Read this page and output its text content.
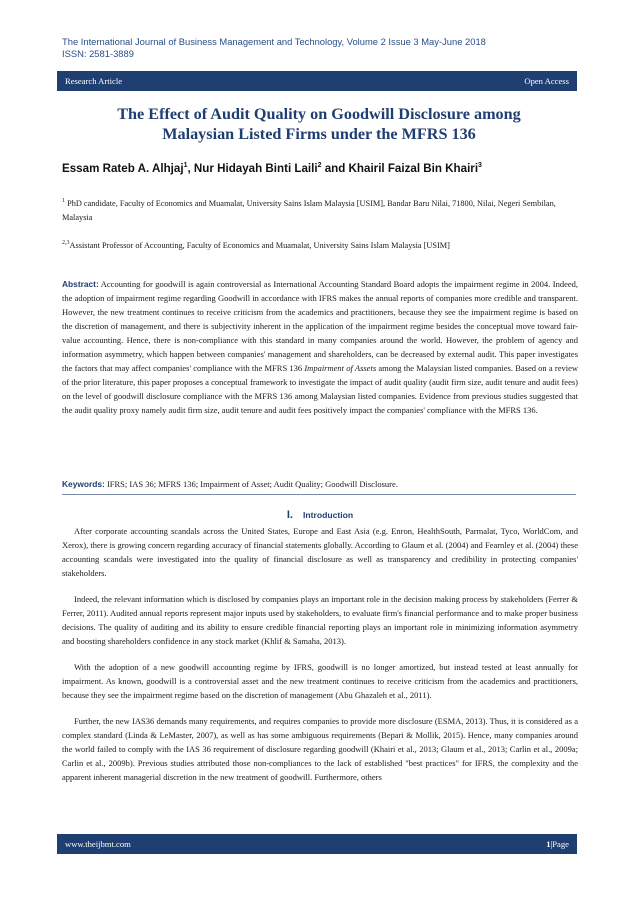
The International Journal of Business Management and Technology, Volume 2 Issue 3 May-June 2018
ISSN: 2581-3889
Research Article	Open Access
The Effect of Audit Quality on Goodwill Disclosure among
Malaysian Listed Firms under the MFRS 136
Essam Rateb A. Alhjaj$^1$, Nur Hidayah Binti Laili$^2$ and Khairil Faizal Bin Khairi$^3$
$^1$ PhD candidate, Faculty of Economics and Muamalat, University Sains Islam Malaysia [USIM], Bandar Baru Nilai, 71800, Nilai, Negeri Sembilan, Malaysia
$^{2,3}$Assistant Professor of Accounting, Faculty of Economics and Muamalat, University Sains Islam Malaysia [USIM]
Abstract: Accounting for goodwill is again controversial as International Accounting Standard Board adopts the impairment regime in 2004. Indeed, the adoption of impairment regime regarding Goodwill in accordance with IFRS makes the annual reports of companies more credible and transparent. However, the new treatment continues to receive criticism from the academics and practitioners, because they see the impairment regime is based on the discretion of management, and there is subjectivity inherent in the application of the impairment regime besides the conceptual move toward fair-value accounting. Hence, there is non-compliance with this standard in many companies around the world. However, the problem of agency and information asymmetry, which happen between companies' management and shareholders, can be decreased by external audit. This paper investigates the factors that may affect companies' compliance with the MFRS 136 Impairment of Assets among the Malaysian listed companies. Based on a review of the prior literature, this paper proposes a conceptual framework to investigate the impact of audit quality (audit firm size, audit tenure and audit fees) on the level of goodwill disclosure compliance with the MFRS 136 among Malaysian listed companies. Evidence from previous studies suggested that the audit quality proxy namely audit firm size, audit tenure and audit fees positively impact the companies' compliance with the MFRS 136.
Keywords: IFRS; IAS 36; MFRS 136; Impairment of Asset; Audit Quality; Goodwill Disclosure.
I. Introduction

After corporate accounting scandals across the United States, Europe and East Asia (e.g. Enron, HealthSouth, Parmalat, Tyco, WorldCom, and Xerox), there is growing concern regarding accuracy of financial statements globally. According to Glaum et al. (2004) and Fearnley et al. (2004) these accounting scandals were investigated into the quality of financial disclosure as well as transparency and credibility in protecting companies' stakeholders.

Indeed, the relevant information which is disclosed by companies plays an important role in the decision making process by stakeholders (Ferrer & Ferrer, 2011). Audited annual reports represent major inputs used by stakeholders, to evaluate firm's financial performance and to make proper business decisions. The quality of auditing and its ability to ensure credible financial reporting plays an important role in minimizing information asymmetry and boosting shareholders confidence in any stock market (Khlif & Samaha, 2013).

With the adoption of a new goodwill accounting regime by IFRS, goodwill is no longer amortized, but instead tested at least annually for impairment. As known, goodwill is a controversial asset and the new treatment continues to receive criticism from the academics and practitioners, because they see the impairment regime based on the discretion of management (Abu Ghazaleh et al., 2011).

Further, the new IAS36 demands many requirements, and requires companies to provide more disclosure (ESMA, 2013). Thus, it is considered as a complex standard (Linda & LeMaster, 2007), as well as has some ambiguous requirements (Bepari & Mollik, 2015). Hence, many companies around the world failed to comply with the IAS 36 requirement of disclosure regarding goodwill (Khairi et al., 2013; Glaum et al., 2013; Carlin et al., 2009a; Carlin et al., 2009b). Previous studies attributed those non-compliances to the lack of established "best practices" for IFRS, the complexity and the apparent inherent managerial discretion in the new treatment of goodwill. Furthermore, others

www.theijbmt.com	1|Page
